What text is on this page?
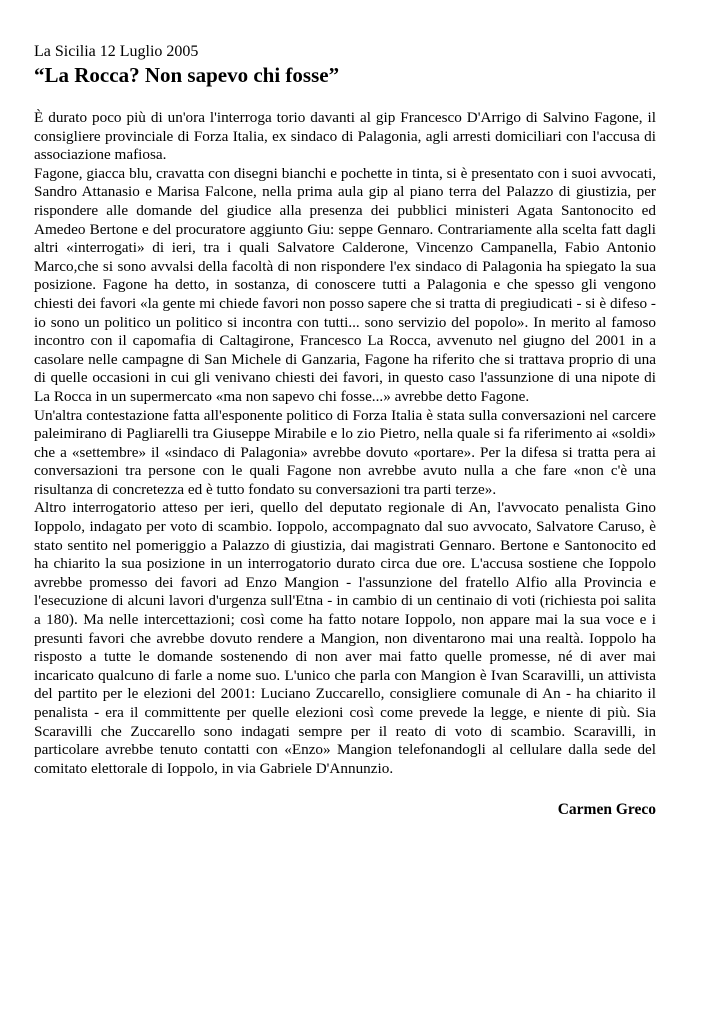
La Sicilia 12 Luglio 2005
“La Rocca? Non sapevo chi fosse”

È durato poco più di un'ora l'interroga torio davanti al gip Francesco D'Arrigo di Salvino Fagone, il consigliere provinciale di Forza Italia, ex sindaco di Palagonia, agli arresti domiciliari con l'accusa di associazione mafiosa.

Fagone, giacca blu, cravatta con disegni bianchi e pochette in tinta, si è presentato con i suoi avvocati, Sandro Attanasio e Marisa Falcone, nella prima aula gip al piano terra del Palazzo di giustizia, per rispondere alle domande del giudice alla presenza dei pubblici ministeri Agata Santonocito ed Amedeo Bertone e del procuratore aggiunto Giu: seppe Gennaro. Contrariamente alla scelta fatt dagli altri «interrogati» di ieri, tra i quali Salvatore Calderone, Vincenzo Campanella, Fabio Antonio Marco,che si sono avvalsi della facoltà di non rispondere l'ex sindaco di Palagonia ha spiegato la sua posizione. Fagone ha detto, in sostanza, di conoscere tutti a Palagonia e che spesso gli vengono chiesti dei favori «la gente mi chiede favori non posso sapere che si tratta di pregiudicati - si è difeso - io sono un politico un politico si incontra con tutti... sono servizio del popolo». In merito al famoso incontro con il capomafia di Caltagirone, Francesco La Rocca, avvenuto nel giugno del 2001 in a casolare nelle campagne di San Michele di Ganzaria, Fagone ha riferito che si trattava proprio di una di quelle occasioni in cui gli venivano chiesti dei favori, in questo caso l'assunzione di una nipote di La Rocca in un supermercato «ma non sapevo chi fosse...» avrebbe detto Fagone.

Un'altra contestazione fatta all'esponente politico di Forza Italia è stata sulla conversazioni nel carcere paleimirano di Pagliarelli tra Giuseppe Mirabile e lo zio Pietro, nella quale si fa riferimento ai «soldi» che a «settembre» il «sindaco di Palagonia» avrebbe dovuto «portare». Per la difesa si tratta pera ai conversazioni tra persone con le quali Fagone non avrebbe avuto nulla a che fare «non c'è una risultanza di concretezza ed è tutto fondato su conversazioni tra parti terze».

Altro interrogatorio atteso per ieri, quello del deputato regionale di An, l'avvocato penalista Gino Ioppolo, indagato per voto di scambio. Ioppolo, accompagnato dal suo avvocato, Salvatore Caruso, è stato sentito nel pomeriggio a Palazzo di giustizia, dai magistrati Gennaro. Bertone e Santonocito ed ha chiarito la sua posizione in un interrogatorio durato circa due ore. L'accusa sostiene che Ioppolo avrebbe promesso dei favori ad Enzo Mangion - l'assunzione del fratello Alfio alla Provincia e l'esecuzione di alcuni lavori d'urgenza sull'Etna - in cambio di un centinaio di voti (richiesta poi salita a 180). Ma nelle intercettazioni; così come ha fatto notare Ioppolo, non appare mai la sua voce e i presunti favori che avrebbe dovuto rendere a Mangion, non diventarono mai una realtà. Ioppolo ha risposto a tutte le domande sostenendo di non aver mai fatto quelle promesse, né di aver mai incaricato qualcuno di farle a nome suo. L'unico che parla con Mangion è Ivan Scaravilli, un attivista del partito per le elezioni del 2001: Luciano Zuccarello, consigliere comunale di An - ha chiarito il penalista - era il committente per quelle elezioni così come prevede la legge, e niente di più. Sia Scaravilli che Zuccarello sono indagati sempre per il reato di voto di scambio. Scaravilli, in particolare avrebbe tenuto contatti con «Enzo» Mangion telefonandogli al cellulare dalla sede del comitato elettorale di Ioppolo, in via Gabriele D'Annunzio.

Carmen Greco
